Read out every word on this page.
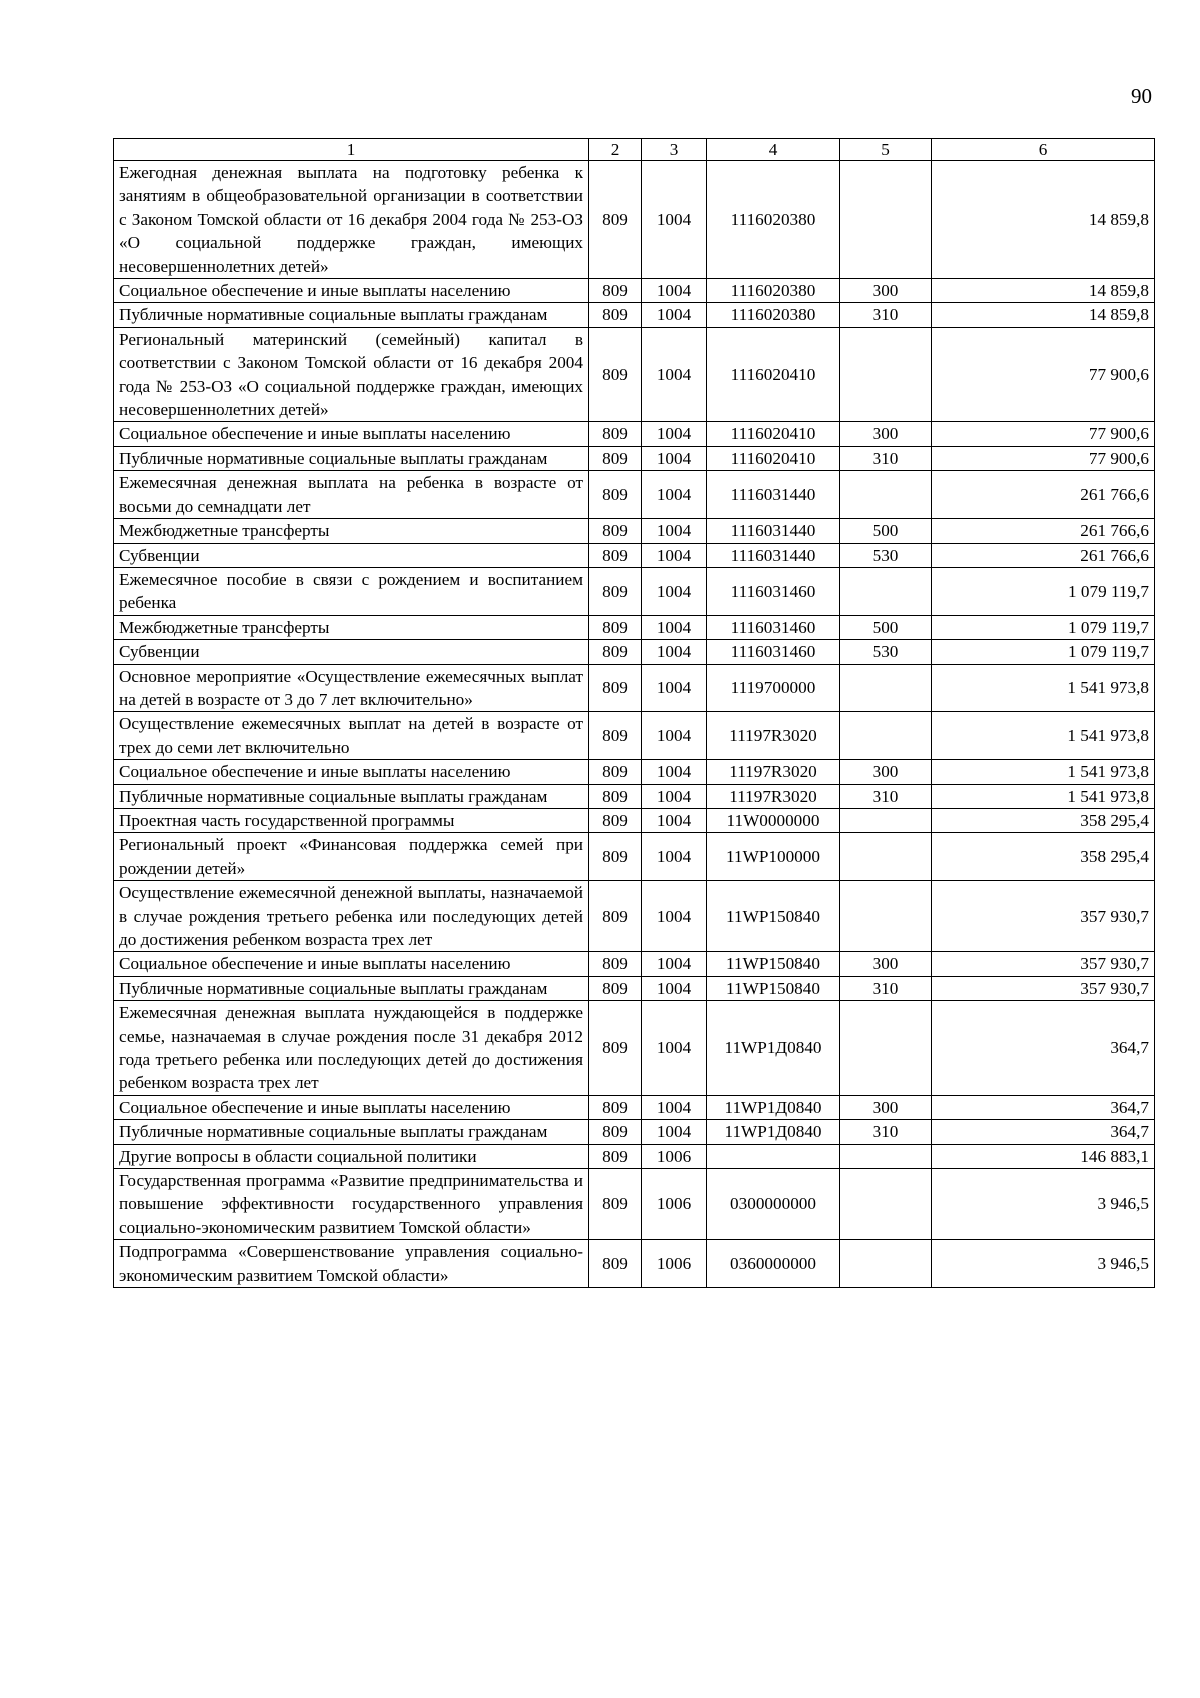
90
1	2	3	4	5	6
Ежегодная денежная выплата на подготовку ребенка к занятиям в общеобразовательной организации в соответствии с Законом Томской области от 16 декабря 2004 года № 253-ОЗ «О социальной поддержке граждан, имеющих несовершеннолетних детей»	809	1004	1116020380		14 859,8
Социальное обеспечение и иные выплаты населению	809	1004	1116020380	300	14 859,8
Публичные нормативные социальные выплаты гражданам	809	1004	1116020380	310	14 859,8
Региональный материнский (семейный) капитал в соответствии с Законом Томской области от 16 декабря 2004 года № 253-ОЗ «О социальной поддержке граждан, имеющих несовершеннолетних детей»	809	1004	1116020410		77 900,6
Социальное обеспечение и иные выплаты населению	809	1004	1116020410	300	77 900,6
Публичные нормативные социальные выплаты гражданам	809	1004	1116020410	310	77 900,6
Ежемесячная денежная выплата на ребенка в возрасте от восьми до семнадцати лет	809	1004	1116031440		261 766,6
Межбюджетные трансферты	809	1004	1116031440	500	261 766,6
Субвенции	809	1004	1116031440	530	261 766,6
Ежемесячное пособие в связи с рождением и воспитанием ребенка	809	1004	1116031460		1 079 119,7
Межбюджетные трансферты	809	1004	1116031460	500	1 079 119,7
Субвенции	809	1004	1116031460	530	1 079 119,7
Основное мероприятие «Осуществление ежемесячных выплат на детей в возрасте от 3 до 7 лет включительно»	809	1004	1119700000		1 541 973,8
Осуществление ежемесячных выплат на детей в возрасте от трех до семи лет включительно	809	1004	11197R3020		1 541 973,8
Социальное обеспечение и иные выплаты населению	809	1004	11197R3020	300	1 541 973,8
Публичные нормативные социальные выплаты гражданам	809	1004	11197R3020	310	1 541 973,8
Проектная часть государственной программы	809	1004	11W0000000		358 295,4
Региональный проект «Финансовая поддержка семей при рождении детей»	809	1004	11WP100000		358 295,4
Осуществление ежемесячной денежной выплаты, назначаемой в случае рождения третьего ребенка или последующих детей до достижения ребенком возраста трех лет	809	1004	11WP150840		357 930,7
Социальное обеспечение и иные выплаты населению	809	1004	11WP150840	300	357 930,7
Публичные нормативные социальные выплаты гражданам	809	1004	11WP150840	310	357 930,7
Ежемесячная денежная выплата нуждающейся в поддержке семье, назначаемая в случае рождения после 31 декабря 2012 года третьего ребенка или последующих детей до достижения ребенком возраста трех лет	809	1004	11WP1Д0840		364,7
Социальное обеспечение и иные выплаты населению	809	1004	11WP1Д0840	300	364,7
Публичные нормативные социальные выплаты гражданам	809	1004	11WP1Д0840	310	364,7
Другие вопросы в области социальной политики	809	1006			146 883,1
Государственная программа «Развитие предпринимательства и повышение эффективности государственного управления социально-экономическим развитием Томской области»	809	1006	0300000000		3 946,5
Подпрограмма «Совершенствование управления социально-экономическим развитием Томской области»	809	1006	0360000000		3 946,5
